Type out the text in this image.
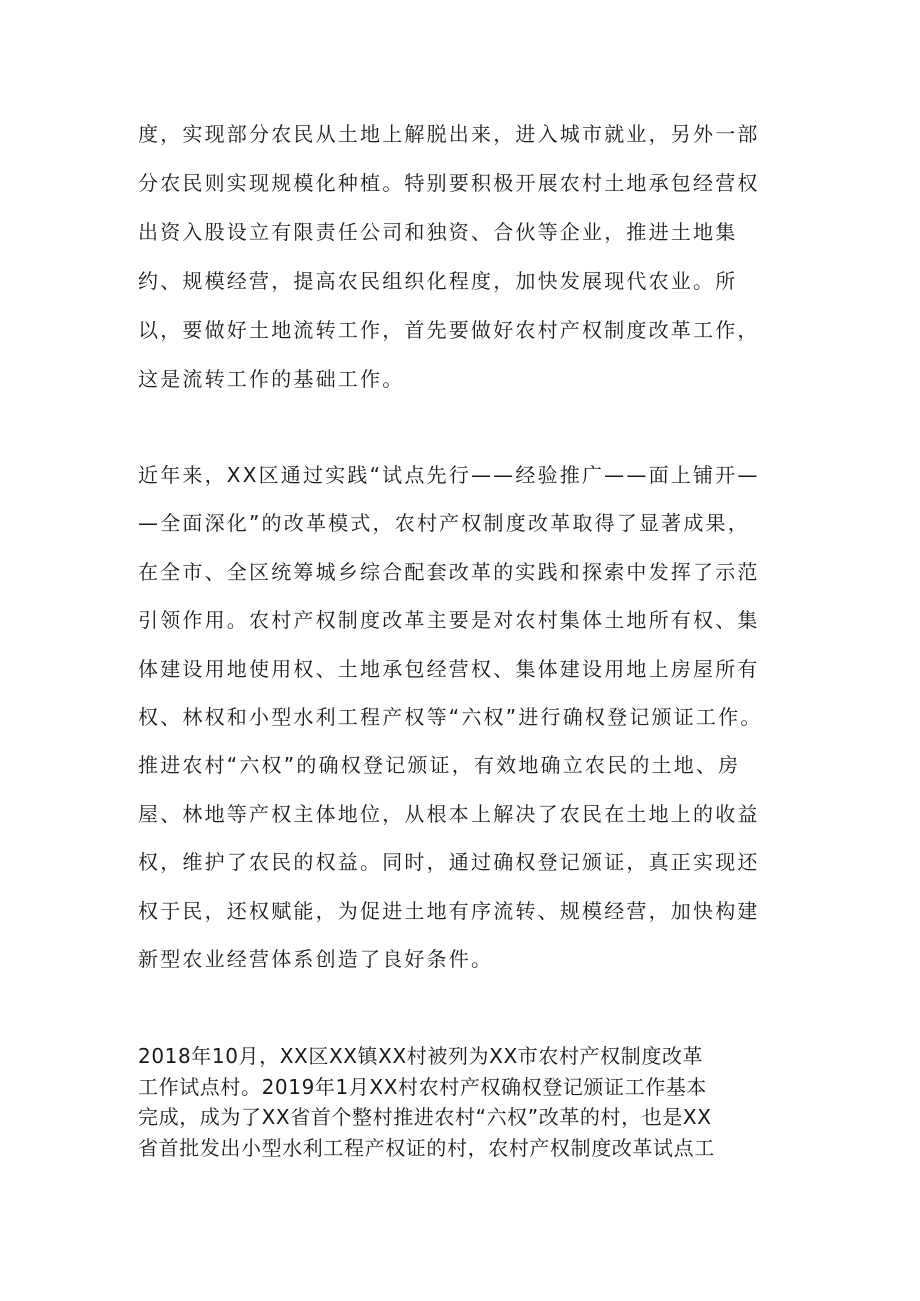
度，实现部分农民从土地上解脱出来，进入城市就业，另外一部
分农民则实现规模化种植。特别要积极开展农村土地承包经营权
出资入股设立有限责任公司和独资、合伙等企业，推进土地集
约、规模经营，提高农民组织化程度，加快发展现代农业。所
以，要做好土地流转工作，首先要做好农村产权制度改革工作，
这是流转工作的基础工作。
近年来，XX区通过实践“试点先行——经验推广——面上铺开—
—全面深化”的改革模式，农村产权制度改革取得了显著成果，
在全市、全区统筹城乡综合配套改革的实践和探索中发挥了示范
引领作用。农村产权制度改革主要是对农村集体土地所有权、集
体建设用地使用权、土地承包经营权、集体建设用地上房屋所有
权、林权和小型水利工程产权等“六权”进行确权登记颁证工作。
推进农村“六权”的确权登记颁证，有效地确立农民的土地、房
屋、林地等产权主体地位，从根本上解决了农民在土地上的收益
权，维护了农民的权益。同时，通过确权登记颁证，真正实现还
权于民，还权赋能，为促进土地有序流转、规模经营，加快构建
新型农业经营体系创造了良好条件。
2018年10月，XX区XX镇XX村被列为XX市农村产权制度改革
工作试点村。2019年1月XX村农村产权确权登记颁证工作基本
完成，成为了XX省首个整村推进农村“六权”改革的村，也是XX
省首批发出小型水利工程产权证的村，农村产权制度改革试点工
